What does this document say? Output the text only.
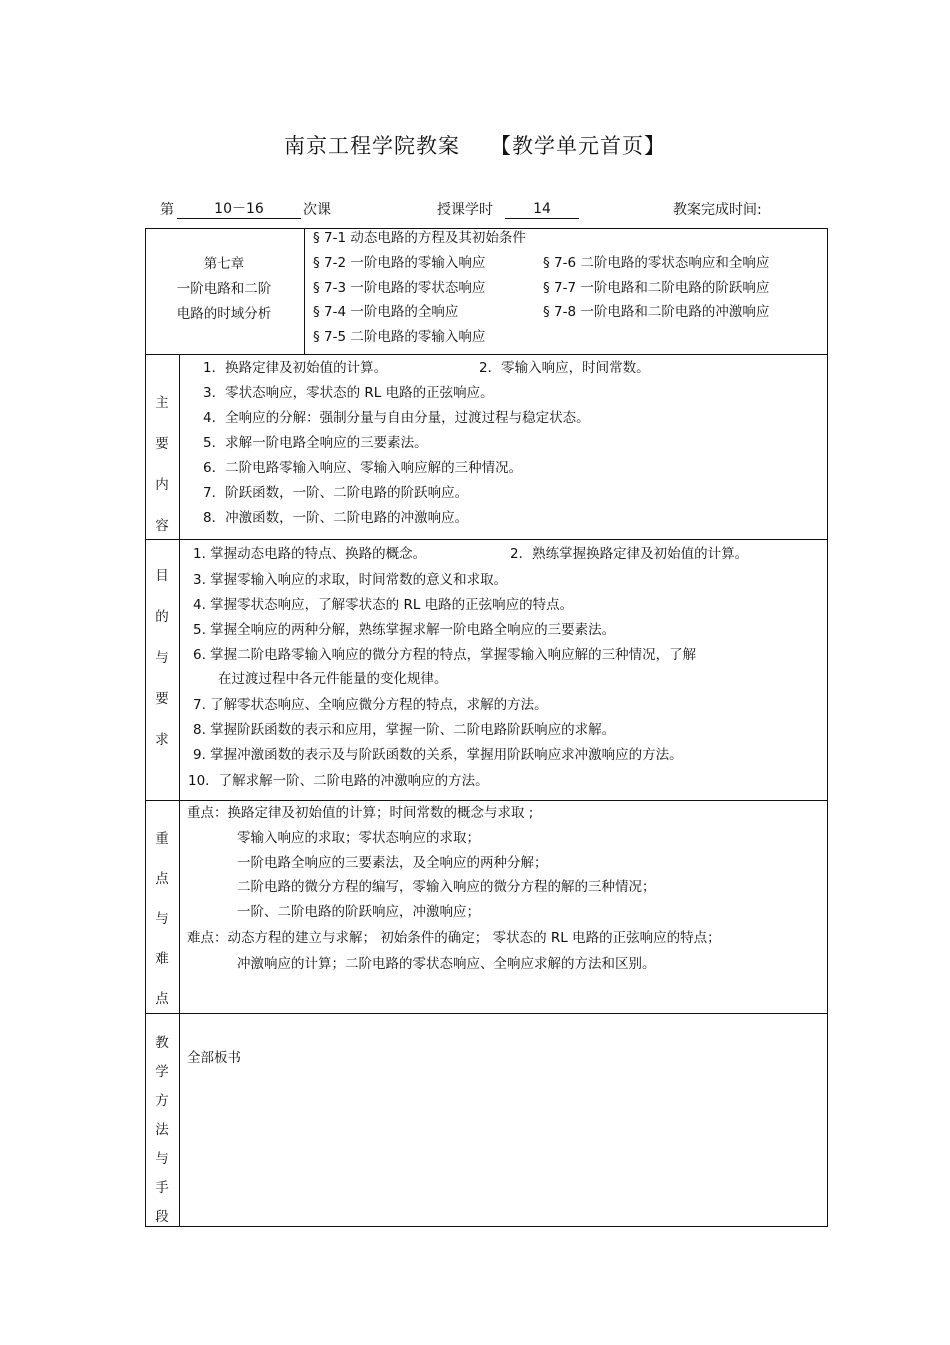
南京工程学院教案 【教学单元首页】
第	10－16	次课	授课学时	14	教案完成时间:
第七章
一阶电路和二阶
电路的时域分析
§ 7-1 动态电路的方程及其初始条件
§ 7-2 一阶电路的零输入响应
§ 7-3 一阶电路的零状态响应
§ 7-4 一阶电路的全响应
§ 7-5 二阶电路的零输入响应
§ 7-6 二阶电路的零状态响应和全响应
§ 7-7 一阶电路和二阶电路的阶跃响应
§ 7-8 一阶电路和二阶电路的冲激响应
主
要
内
容
1．换路定律及初始值的计算。	2．零输入响应，时间常数。
3．零状态响应，零状态的 RL 电路的正弦响应。
4．全响应的分解：强制分量与自由分量，过渡过程与稳定状态。
5．求解一阶电路全响应的三要素法。
6．二阶电路零输入响应、零输入响应解的三种情况。
7．阶跃函数，一阶、二阶电路的阶跃响应。
8．冲激函数，一阶、二阶电路的冲激响应。
目
的
与
要
求
1. 掌握动态电路的特点、换路的概念。	2．熟练掌握换路定律及初始值的计算。
3. 掌握零输入响应的求取，时间常数的意义和求取。
4. 掌握零状态响应，了解零状态的 RL 电路的正弦响应的特点。
5. 掌握全响应的两种分解，熟练掌握求解一阶电路全响应的三要素法。
6. 掌握二阶电路零输入响应的微分方程的特点，掌握零输入响应解的三种情况，了解
在过渡过程中各元件能量的变化规律。
7. 了解零状态响应、全响应微分方程的特点，求解的方法。
8. 掌握阶跃函数的表示和应用，掌握一阶、二阶电路阶跃响应的求解。
9. 掌握冲激函数的表示及与阶跃函数的关系，掌握用阶跃响应求冲激响应的方法。
10．了解求解一阶、二阶电路的冲激响应的方法。
重
点
与
难
点
重点：换路定律及初始值的计算；时间常数的概念与求取 ;
零输入响应的求取；零状态响应的求取；
一阶电路全响应的三要素法，及全响应的两种分解；
二阶电路的微分方程的编写，零输入响应的微分方程的解的三种情况；
一阶、二阶电路的阶跃响应，冲激响应；
难点：动态方程的建立与求解； 初始条件的确定； 零状态的 RL 电路的正弦响应的特点；
冲激响应的计算；二阶电路的零状态响应、全响应求解的方法和区别。
教
学
方
法
与
手
段
全部板书
